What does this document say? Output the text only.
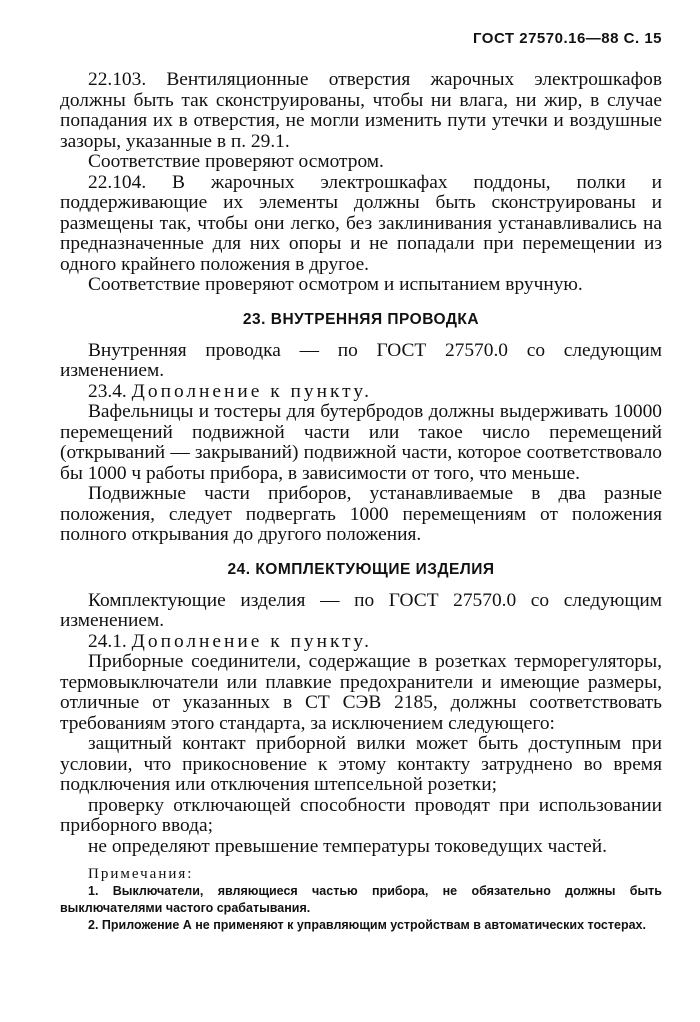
ГОСТ 27570.16—88 С. 15

22.103. Вентиляционные отверстия жарочных электрошкафов должны быть так сконструированы, чтобы ни влага, ни жир, в случае попадания их в отверстия, не могли изменить пути утечки и воздушные зазоры, указанные в п. 29.1.

Соответствие проверяют осмотром.

22.104. В жарочных электрошкафах поддоны, полки и поддерживающие их элементы должны быть сконструированы и размещены так, чтобы они легко, без заклинивания устанавливались на предназначенные для них опоры и не попадали при перемещении из одного крайнего положения в другое.

Соответствие проверяют осмотром и испытанием вручную.

23. ВНУТРЕННЯЯ ПРОВОДКА

Внутренняя проводка — по ГОСТ 27570.0 со следующим изменением.

23.4. Дополнение к пункту.

Вафельницы и тостеры для бутербродов должны выдерживать 10000 перемещений подвижной части или такое число перемещений (открываний — закрываний) подвижной части, которое соответствовало бы 1000 ч работы прибора, в зависимости от того, что меньше.

Подвижные части приборов, устанавливаемые в два разные положения, следует подвергать 1000 перемещениям от положения полного открывания до другого положения.

24. КОМПЛЕКТУЮЩИЕ ИЗДЕЛИЯ

Комплектующие изделия — по ГОСТ 27570.0 со следующим изменением.

24.1. Дополнение к пункту.

Приборные соединители, содержащие в розетках терморегуляторы, термовыключатели или плавкие предохранители и имеющие размеры, отличные от указанных в СТ СЭВ 2185, должны соответствовать требованиям этого стандарта, за исключением следующего:

защитный контакт приборной вилки может быть доступным при условии, что прикосновение к этому контакту затруднено во время подключения или отключения штепсельной розетки;

проверку отключающей способности проводят при использовании приборного ввода;

не определяют превышение температуры токоведущих частей.

Примечания:

1. Выключатели, являющиеся частью прибора, не обязательно должны быть выключателями частого срабатывания.

2. Приложение А не применяют к управляющим устройствам в автоматических тостерах.
